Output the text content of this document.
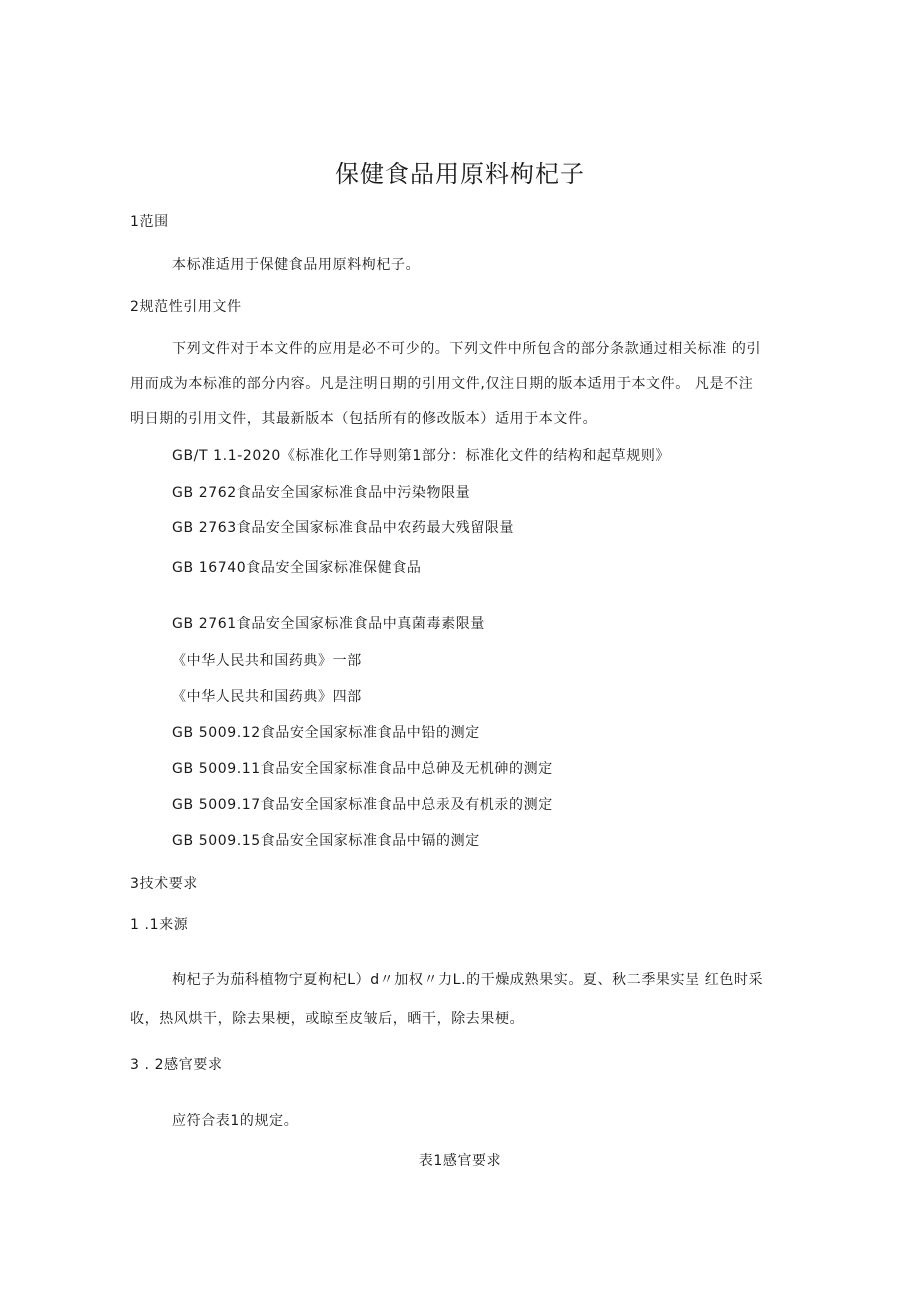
保健食品用原料枸杞子
1范围
本标准适用于保健食品用原料枸杞子。
2规范性引用文件
下列文件对于本文件的应用是必不可少的。下列文件中所包含的部分条款通过相关标准 的引
用而成为本标准的部分内容。凡是注明日期的引用文件,仅注日期的版本适用于本文件。 凡是不注
明日期的引用文件，其最新版本（包括所有的修改版本）适用于本文件。
GB/T 1.1-2020《标准化工作导则第1部分：标准化文件的结构和起草规则》
GB 2762食品安全国家标准食品中污染物限量
GB 2763食品安全国家标准食品中农药最大残留限量
GB 16740食品安全国家标准保健食品
GB 2761食品安全国家标准食品中真菌毒素限量
《中华人民共和国药典》一部
《中华人民共和国药典》四部
GB 5009.12食品安全国家标准食品中铅的测定
GB 5009.11食品安全国家标准食品中总砷及无机砷的测定
GB 5009.17食品安全国家标准食品中总汞及有机汞的测定
GB 5009.15食品安全国家标准食品中镉的测定
3技术要求
1 .1来源
枸杞子为茄科植物宁夏枸杞L）d〃加权〃力L.的干燥成熟果实。夏、秋二季果实呈 红色时采
收，热风烘干，除去果梗，或晾至皮皱后，晒干，除去果梗。
3 . 2感官要求
应符合表1的规定。
表1感官要求
